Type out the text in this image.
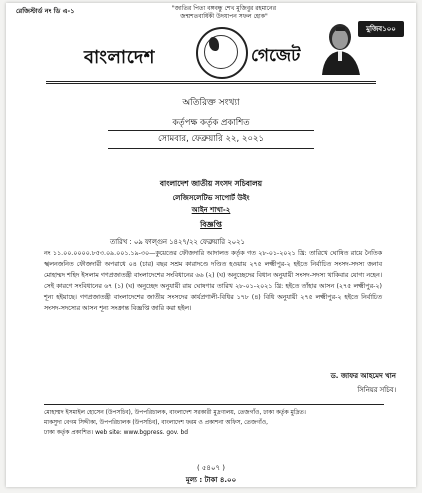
রেজিস্টার্ড নং ডি এ-১	"জাতির পিতা বঙ্গবন্ধু শেখ মুজিবুর রহমানের
জন্মশতবার্ষিকী উদযাপন সফল হোক"
বাংলাদেশ	গেজেট
মুজিব১০০
অতিরিক্ত সংখ্যা
কর্তৃপক্ষ কর্তৃক প্রকাশিত
সোমবার, ফেব্রুয়ারি ২২, ২০২১
বাংলাদেশ জাতীয় সংসদ সচিবালয়
লেজিসলেটিভ সাপোর্ট উইং
আইন শাখা-২
বিজ্ঞপ্তি
তারিখ : ০৯ ফাল্গুন ১৪২৭/২২ ফেব্রুয়ারি ২০২১
নং ১১.০০.০০০০.৮৫৩.০৯.০০১.১৯-৩০—কুয়েতের ফৌজদারি আদালত কর্তৃক গত ২৮-০১-২০২১ খ্রি: তারিখে ঘোষিত রায়ে নৈতিক স্খলনজনিত ফৌজদারী অপরাধে ০৪ (চার) বছর সশ্রম কারাদণ্ডে দণ্ডিত হওয়ায় ২৭৫ লক্ষ্মীপুর-২ হইতে নির্বাচিত সংসদ-সদস্য জনাব মোহাম্মদ শহিদ ইসলাম গণপ্রজাতন্ত্রী বাংলাদেশের সংবিধানের ৬৬ (২) (ঘ) অনুচ্ছেদের বিধান অনুযায়ী সংসদ-সদস্য থাকিবার যোগ্য নহেন। সেই কারণে সংবিধানের ৬৭ (১) (ঘ) অনুচ্ছেদ অনুযায়ী রায় ঘোষণার তারিখ ২৮-০১-২০২১ খ্রি: হইতে তাঁহার আসন (২৭৫ লক্ষ্মীপুর-২) শূন্য হইয়াছে। গণপ্রজাতন্ত্রী বাংলাদেশের জাতীয় সংসদের কার্যপ্রণালী-বিধির ১৭৮ (৪) বিধি অনুযায়ী ২৭৫ লক্ষ্মীপুর-২ হইতে নির্বাচিত সংসদ-সদস্যের আসন শূন্য সংক্রান্ত বিজ্ঞপ্তি জারি করা হইল।
ড. জাফর আহমেদ খান
সিনিয়র সচিব।
মোহাম্মদ ইসমাইল হোসেন (উপসচিব), উপপরিচালক, বাংলাদেশ সরকারী মুদ্রণালয়, তেজগাঁও, ঢাকা কর্তৃক মুদ্রিত।
মাকসুদা বেগম সিদ্দীকা, উপপরিচালক (উপসচিব), বাংলাদেশ ফরম ও প্রকাশনা অফিস, তেজগাঁও,
ঢাকা কর্তৃক প্রকাশিত। web site: www.bgpress. gov. bd
( ৫৪০৭ )
মূল্য : টাকা ৪.০০
